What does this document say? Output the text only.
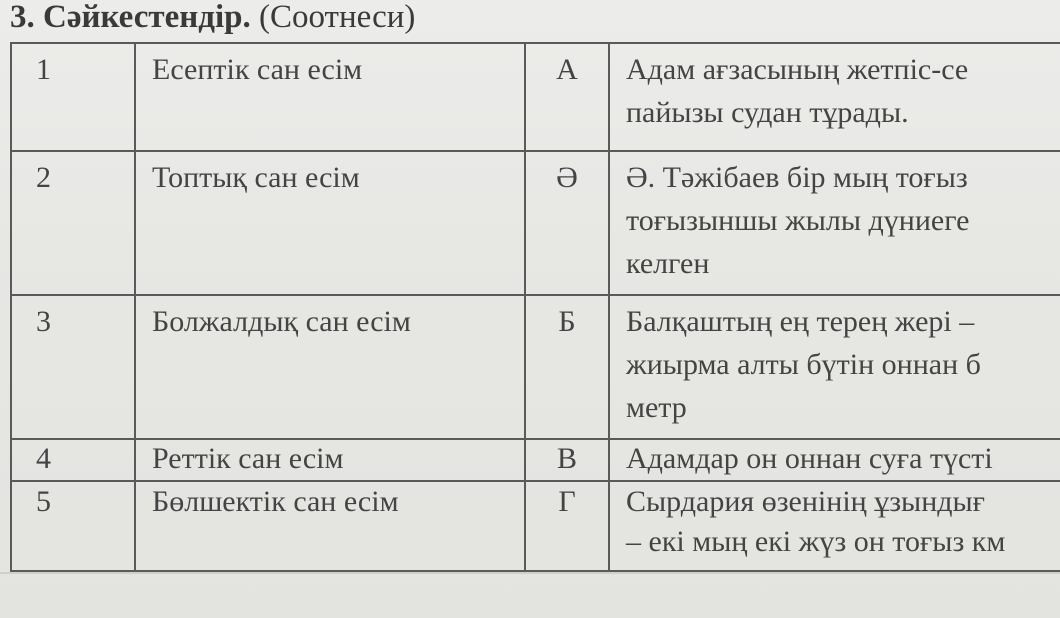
3. Сәйкестендір. (Соотнеси)
1	Есептік сан есім	А	Адам ағзасының жетпіс-се
пайызы судан тұрады.

2	Топтық сан есім	Ә	Ә. Тәжібаев бір мың тоғыз
тоғызыншы жылы дүниеге
келген

3	Болжалдық сан есім	Б	Балқаштың ең терең жері –
жиырма алты бүтін оннан б
метр

4	Реттік сан есім	В	Адамдар он оннан суға түсті

5	Бөлшектік сан есім	Г	Сырдария өзенінің ұзындығ
– екі мың екі жүз он тоғыз км
